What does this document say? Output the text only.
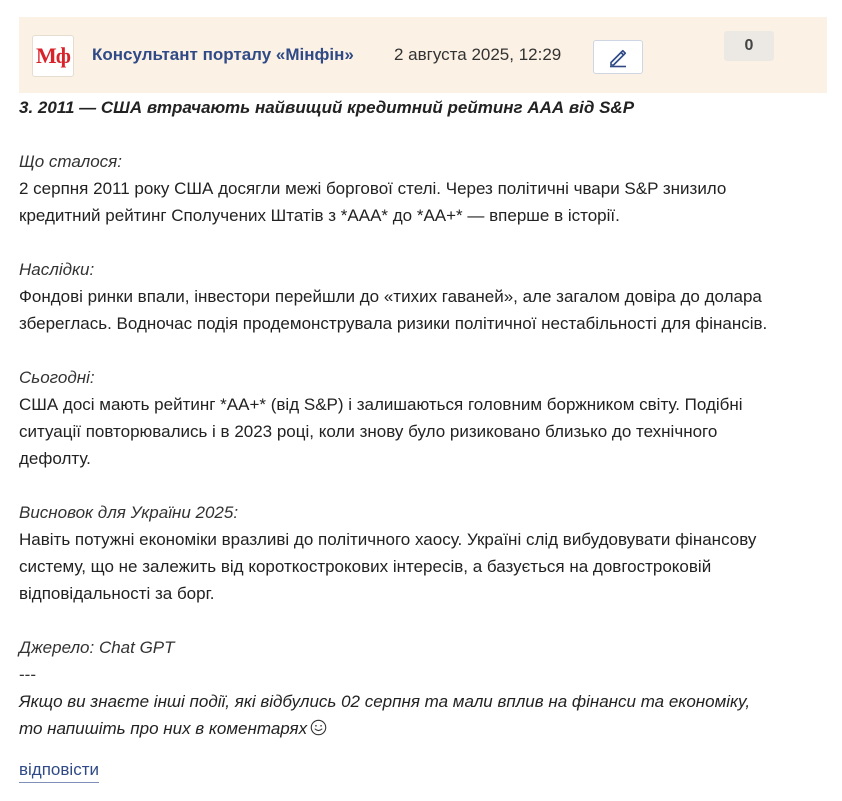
Мф Консультант порталу «Мінфін» 2 августа 2025, 12:29	0

3. 2011 — США втрачають найвищий кредитний рейтинг ААА від S&P

Що сталося:

2 серпня 2011 року США досягли межі боргової стелі. Через політичні чвари S&P знизило

кредитний рейтинг Сполучених Штатів з *ААА* до *АА+* — вперше в історії.

Наслідки:

Фондові ринки впали, інвестори перейшли до «тихих гаваней», але загалом довіра до долара

збереглась. Водночас подія продемонструвала ризики політичної нестабільності для фінансів.

Сьогодні:

США досі мають рейтинг *АА+* (від S&P) і залишаються головним боржником світу. Подібні

ситуації повторювались і в 2023 році, коли знову було ризиковано близько до технічного

дефолту.

Висновок для України 2025:

Навіть потужні економіки вразливі до політичного хаосу. Україні слід вибудовувати фінансову

систему, що не залежить від короткострокових інтересів, а базується на довгостроковій

відповідальності за борг.

Джерело: Chat GPT

---

Якщо ви знаєте інші події, які відбулись 02 серпня та мали вплив на фінанси та економіку,

то напишіть про них в коментарях

відповісти
